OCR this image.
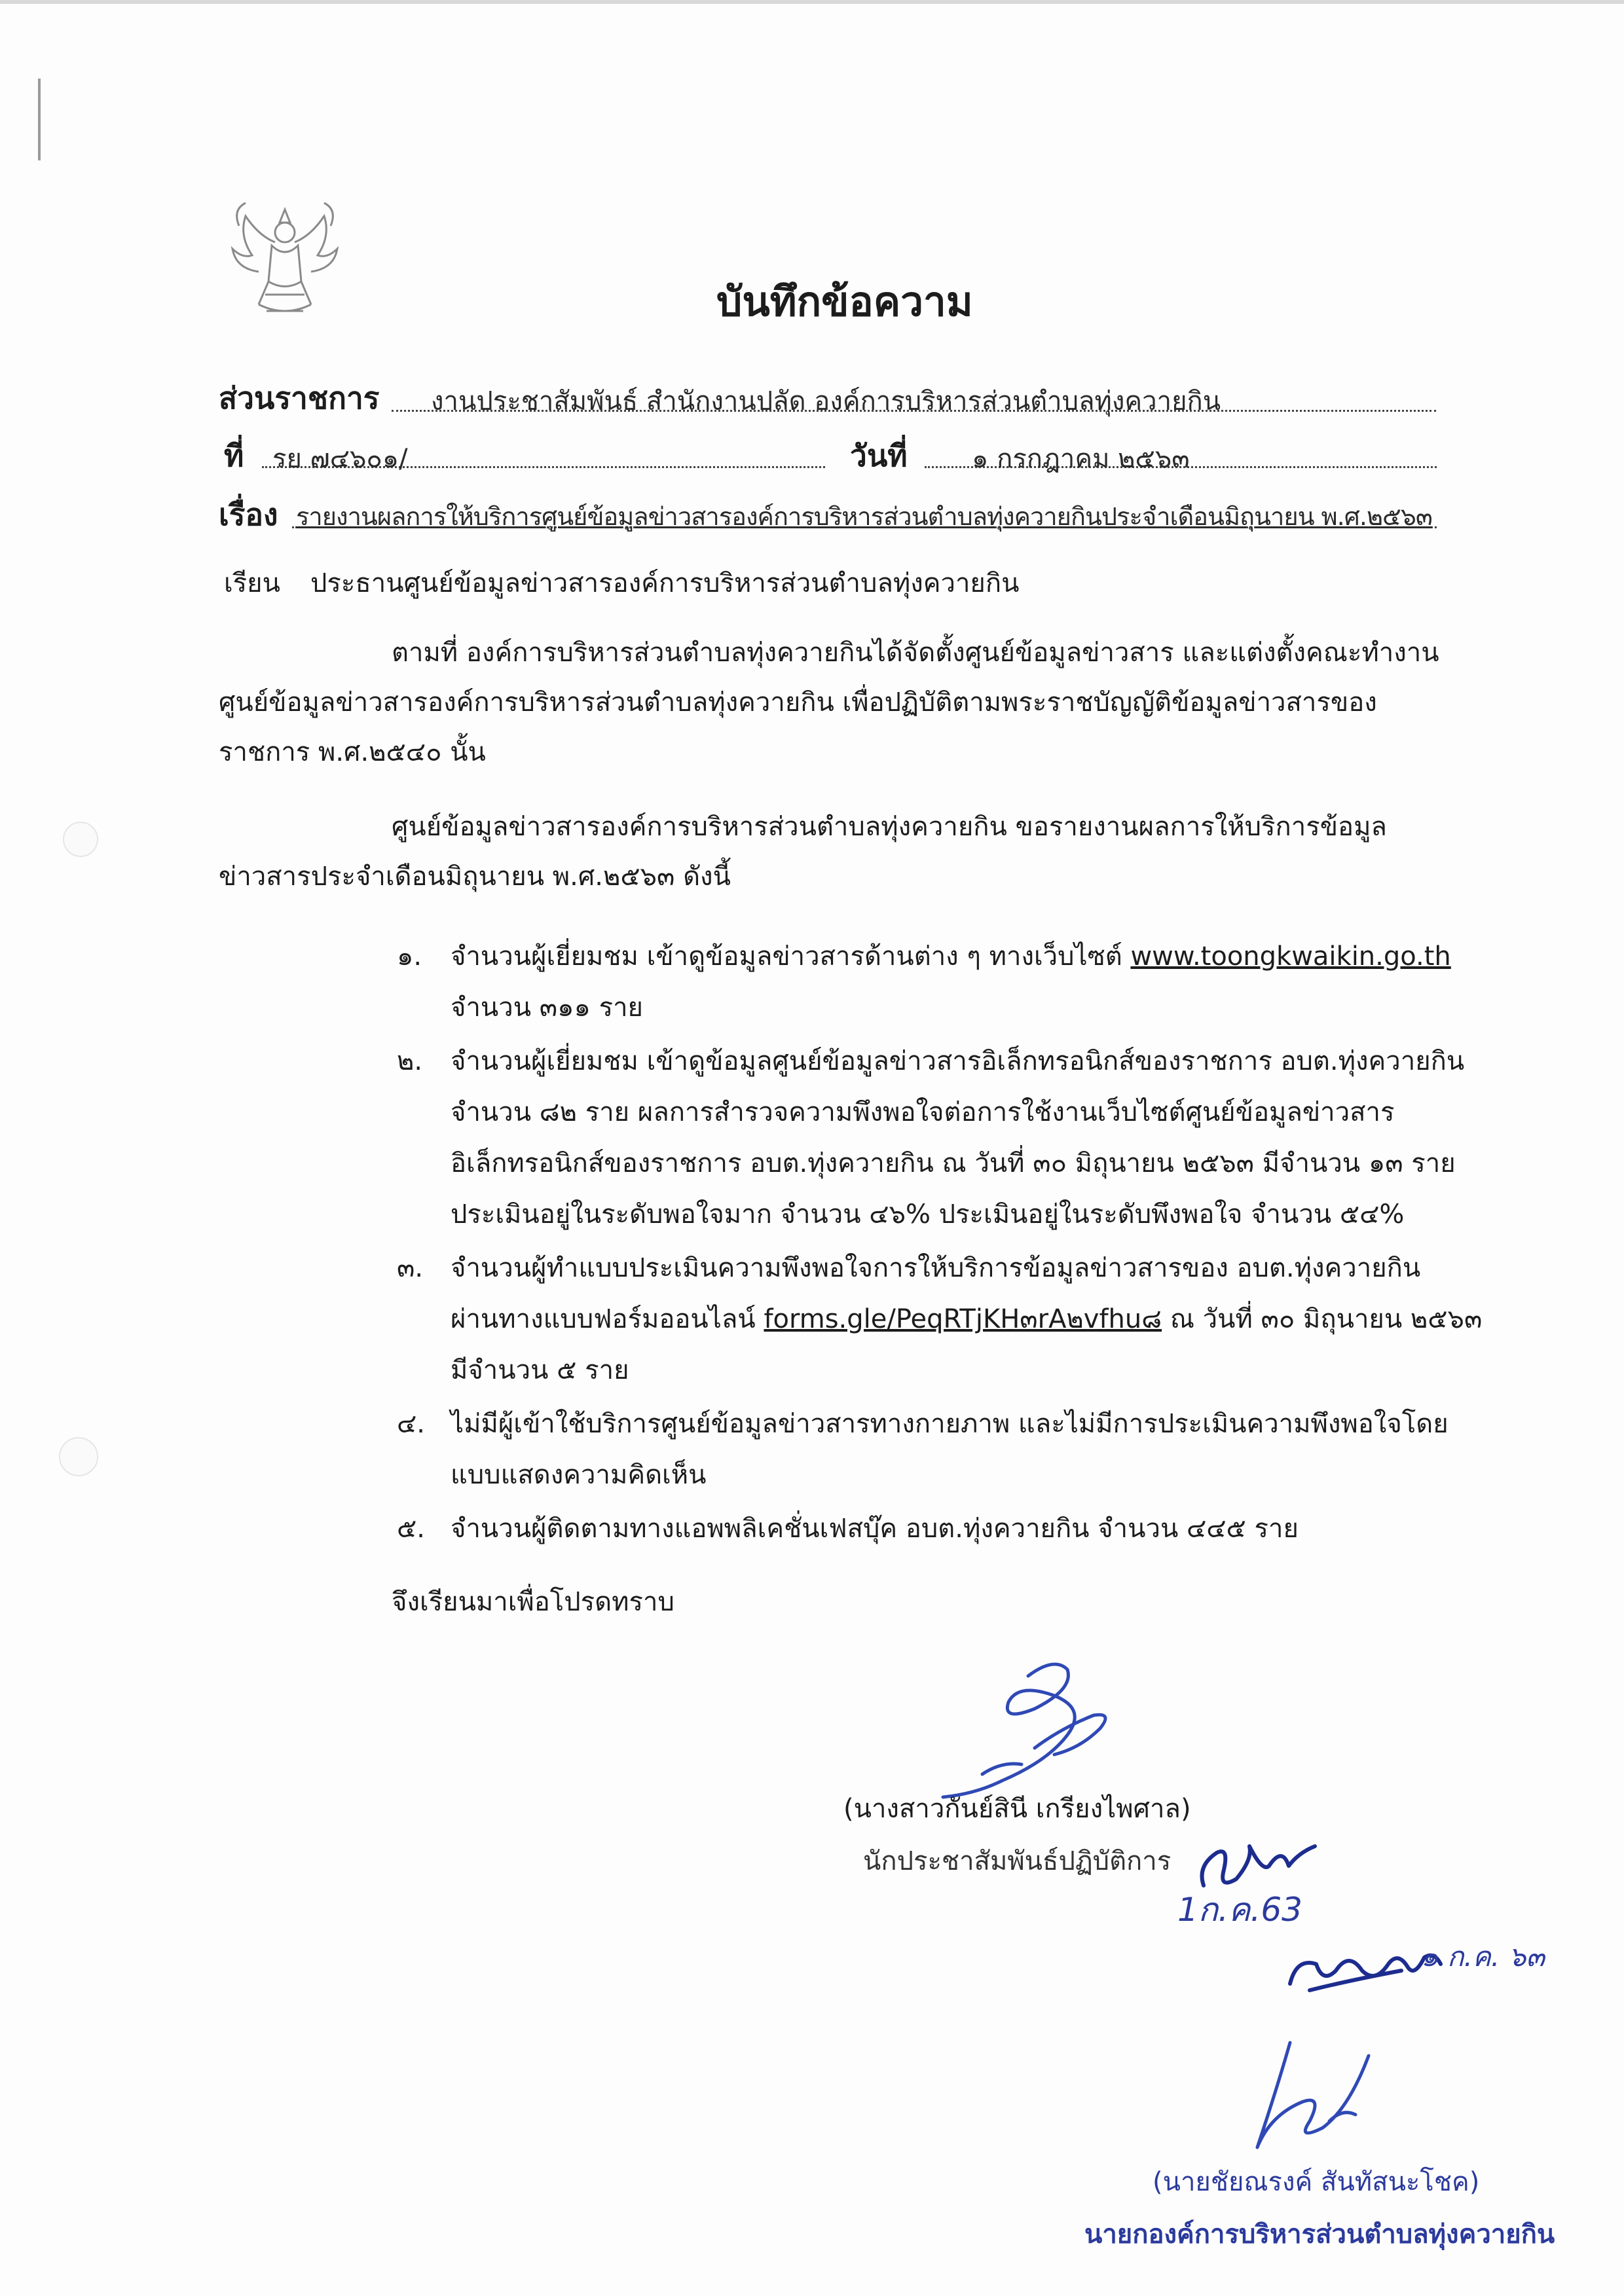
บันทึกข้อความ
ส่วนราชการ งานประชาสัมพันธ์ สำนักงานปลัด องค์การบริหารส่วนตำบลทุ่งควายกิน
ที่ รย ๗๔๖๐๑/	วันที่ ๑ กรกฎาคม ๒๕๖๓
เรื่อง รายงานผลการให้บริการศูนย์ข้อมูลข่าวสารองค์การบริหารส่วนตำบลทุ่งควายกินประจำเดือนมิถุนายน พ.ศ.๒๕๖๓
เรียน ประธานศูนย์ข้อมูลข่าวสารองค์การบริหารส่วนตำบลทุ่งควายกิน
ตามที่ องค์การบริหารส่วนตำบลทุ่งควายกินได้จัดตั้งศูนย์ข้อมูลข่าวสาร และแต่งตั้งคณะทำงาน
ศูนย์ข้อมูลข่าวสารองค์การบริหารส่วนตำบลทุ่งควายกิน เพื่อปฏิบัติตามพระราชบัญญัติข้อมูลข่าวสารของ
ราชการ พ.ศ.๒๕๔๐ นั้น
ศูนย์ข้อมูลข่าวสารองค์การบริหารส่วนตำบลทุ่งควายกิน ขอรายงานผลการให้บริการข้อมูล
ข่าวสารประจำเดือนมิถุนายน พ.ศ.๒๕๖๓ ดังนี้
๑. จำนวนผู้เยี่ยมชม เข้าดูข้อมูลข่าวสารด้านต่าง ๆ ทางเว็บไซต์ www.toongkwaikin.go.th
จำนวน ๓๑๑ ราย
๒. จำนวนผู้เยี่ยมชม เข้าดูข้อมูลศูนย์ข้อมูลข่าวสารอิเล็กทรอนิกส์ของราชการ อบต.ทุ่งควายกิน
จำนวน ๘๒ ราย ผลการสำรวจความพึงพอใจต่อการใช้งานเว็บไซต์ศูนย์ข้อมูลข่าวสาร
อิเล็กทรอนิกส์ของราชการ อบต.ทุ่งควายกิน ณ วันที่ ๓๐ มิถุนายน ๒๕๖๓ มีจำนวน ๑๓ ราย
ประเมินอยู่ในระดับพอใจมาก จำนวน ๔๖% ประเมินอยู่ในระดับพึงพอใจ จำนวน ๕๔%
๓. จำนวนผู้ทำแบบประเมินความพึงพอใจการให้บริการข้อมูลข่าวสารของ อบต.ทุ่งควายกิน
ผ่านทางแบบฟอร์มออนไลน์ forms.gle/PeqRTjKH๓rA๒vfhu๘ ณ วันที่ ๓๐ มิถุนายน ๒๕๖๓
มีจำนวน ๕ ราย
๔. ไม่มีผู้เข้าใช้บริการศูนย์ข้อมูลข่าวสารทางกายภาพ และไม่มีการประเมินความพึงพอใจโดย
แบบแสดงความคิดเห็น
๕. จำนวนผู้ติดตามทางแอพพลิเคชั่นเฟสบุ๊ค อบต.ทุ่งควายกิน จำนวน ๔๔๕ ราย
จึงเรียนมาเพื่อโปรดทราบ
(นางสาวกันย์สินี เกรียงไพศาล)
นักประชาสัมพันธ์ปฏิบัติการ
1ก.ค.63
๑ ก.ค. ๖๓
(นายชัยณรงค์ สันทัสนะโชค)
นายกองค์การบริหารส่วนตำบลทุ่งควายกิน
